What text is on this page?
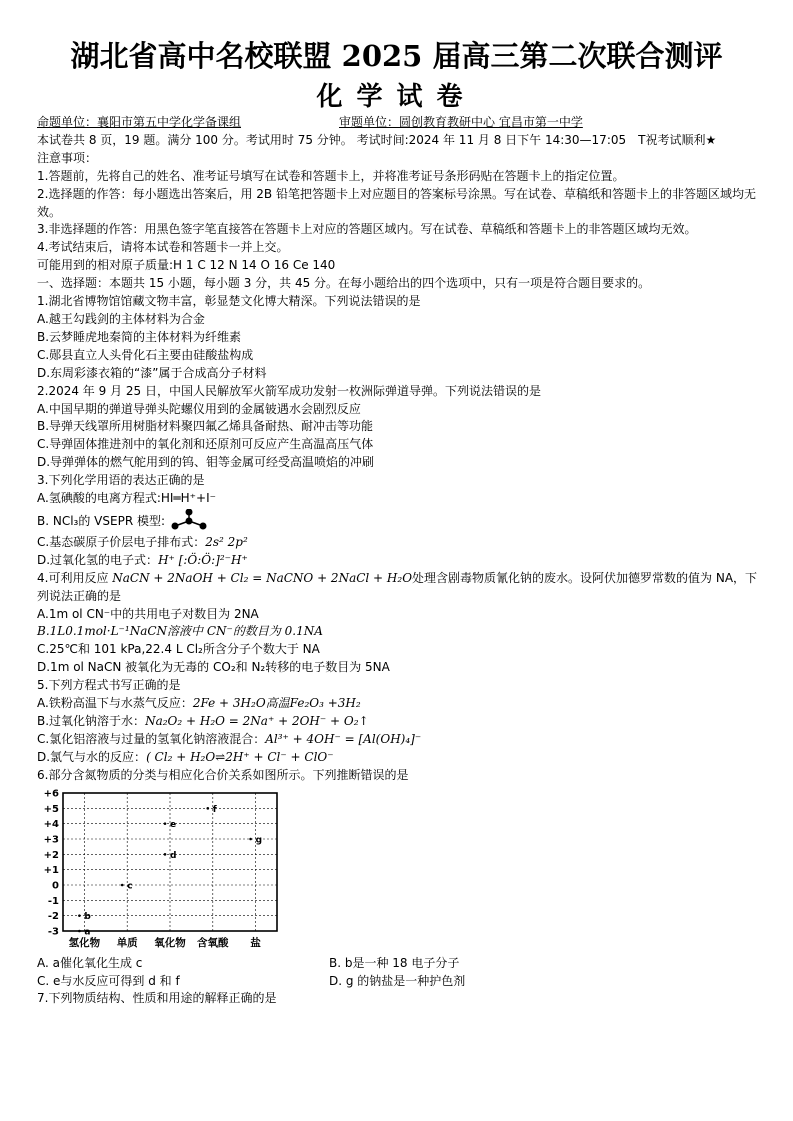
湖北省高中名校联盟 2025 届高三第二次联合测评
化学试卷
命题单位：襄阳市第五中学化学备课组	审题单位：圆创教育教研中心 宜昌市第一中学
本试卷共 8 页，19 题。满分 100 分。考试用时 75 分钟。 考试时间:2024 年 11 月 8 日下午 14:30—17:05　T祝考试顺利★
注意事项：
1.答题前，先将自己的姓名、准考证号填写在试卷和答题卡上，并将准考证号条形码贴在答题卡上的指定位置。
2.选择题的作答：每小题选出答案后，用 2B 铅笔把答题卡上对应题目的答案标号涂黑。写在试卷、草稿纸和答题卡上的非答题区域均无效。
3.非选择题的作答：用黑色签字笔直接答在答题卡上对应的答题区域内。写在试卷、草稿纸和答题卡上的非答题区域均无效。
4.考试结束后，请将本试卷和答题卡一并上交。
可能用到的相对原子质量:H 1 C 12 N 14 O 16 Ce 140
一、选择题：本题共 15 小题，每小题 3 分，共 45 分。在每小题给出的四个选项中，只有一项是符合题目要求的。
1.湖北省博物馆馆藏文物丰富，彰显楚文化博大精深。下列说法错误的是
A.越王勾践剑的主体材料为合金
B.云梦睡虎地秦简的主体材料为纤维素
C.郧县直立人头骨化石主要由硅酸盐构成
D.东周彩漆衣箱的“漆”属于合成高分子材料
2.2024 年 9 月 25 日，中国人民解放军火箭军成功发射一枚洲际弹道导弹。下列说法错误的是
A.中国早期的弹道导弹头陀螺仪用到的金属铍遇水会剧烈反应
B.导弹天线罩所用树脂材料聚四氟乙烯具备耐热、耐冲击等功能
C.导弹固体推进剂中的氧化剂和还原剂可反应产生高温高压气体
D.导弹弹体的燃气舵用到的钨、钼等金属可经受高温喷焰的冲刷
3.下列化学用语的表达正确的是
A.氢碘酸的电离方程式:HI═H⁺+I⁻
B. NCl₃的 VSEPR 模型:
C.基态碳原子价层电子排布式：2s² 2p²
D.过氧化氢的电子式：H⁺ [:Ö:Ö:]²⁻H⁺
4.可利用反应 NaCN + 2NaOH + Cl₂ = NaCNO + 2NaCl + H₂O处理含剧毒物质氰化钠的废水。设阿伏加德罗常数的值为 NA，下列说法正确的是
A.1m ol CN⁻中的共用电子对数目为 2NA
B.1L0.1mol·L⁻¹NaCN溶液中 CN⁻的数目为 0.1NA
C.25℃和 101 kPa,22.4 L Cl₂所含分子个数大于 NA
D.1m ol NaCN 被氧化为无毒的 CO₂和 N₂转移的电子数目为 5NA
5.下列方程式书写正确的是
A.铁粉高温下与水蒸气反应：2Fe + 3H₂O高温Fe₂O₃ +3H₂
B.过氧化钠溶于水：Na₂O₂ + H₂O = 2Na⁺ + 2OH⁻ + O₂↑
C.氯化铝溶液与过量的氢氧化钠溶液混合：Al³⁺ + 4OH⁻ = [Al(OH)₄]⁻
D.氯气与水的反应：( Cl₂ + H₂O⇌2H⁺ + Cl⁻ + ClO⁻
6.部分含氮物质的分类与相应化合价关系如图所示。下列推断错误的是
+6
+5
+4
+3
+2
+1
0
-1
-2
-3
氢化物 单质 氧化物 含氧酸 盐
a
b
c
d
e
f
g
A. a催化氧化生成 c	B. b是一种 18 电子分子
C. e与水反应可得到 d 和 f	D. g 的钠盐是一种护色剂
7.下列物质结构、性质和用途的解释正确的是
